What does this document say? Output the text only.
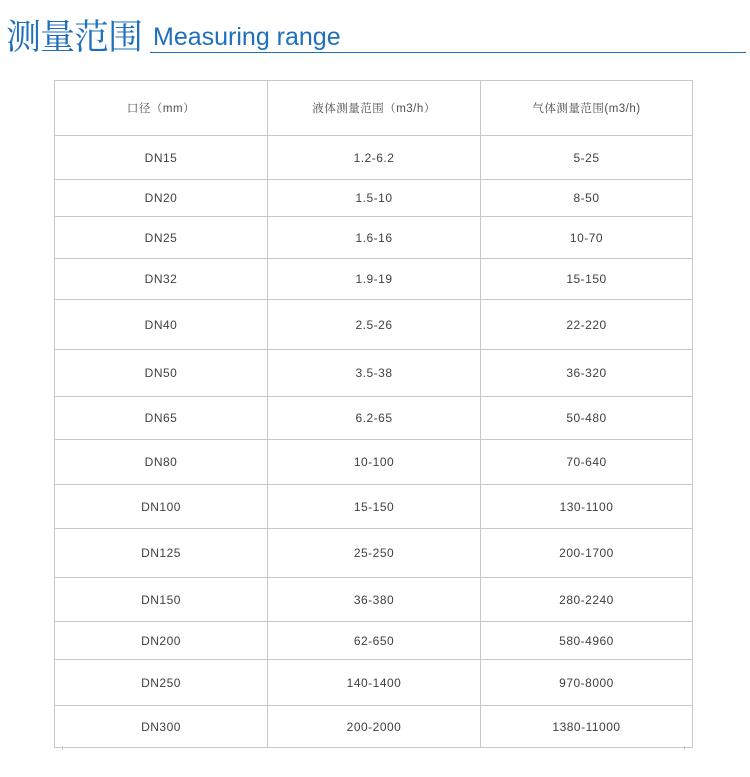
测量范围 Measuring range
口径（mm）	液体测量范围（m3/h）	气体测量范围(m3/h)
DN15	1.2-6.2	5-25
DN20	1.5-10	8-50
DN25	1.6-16	10-70
DN32	1.9-19	15-150
DN40	2.5-26	22-220
DN50	3.5-38	36-320
DN65	6.2-65	50-480
DN80	10-100	70-640
DN100	15-150	130-1100
DN125	25-250	200-1700
DN150	36-380	280-2240
DN200	62-650	580-4960
DN250	140-1400	970-8000
DN300	200-2000	1380-11000
